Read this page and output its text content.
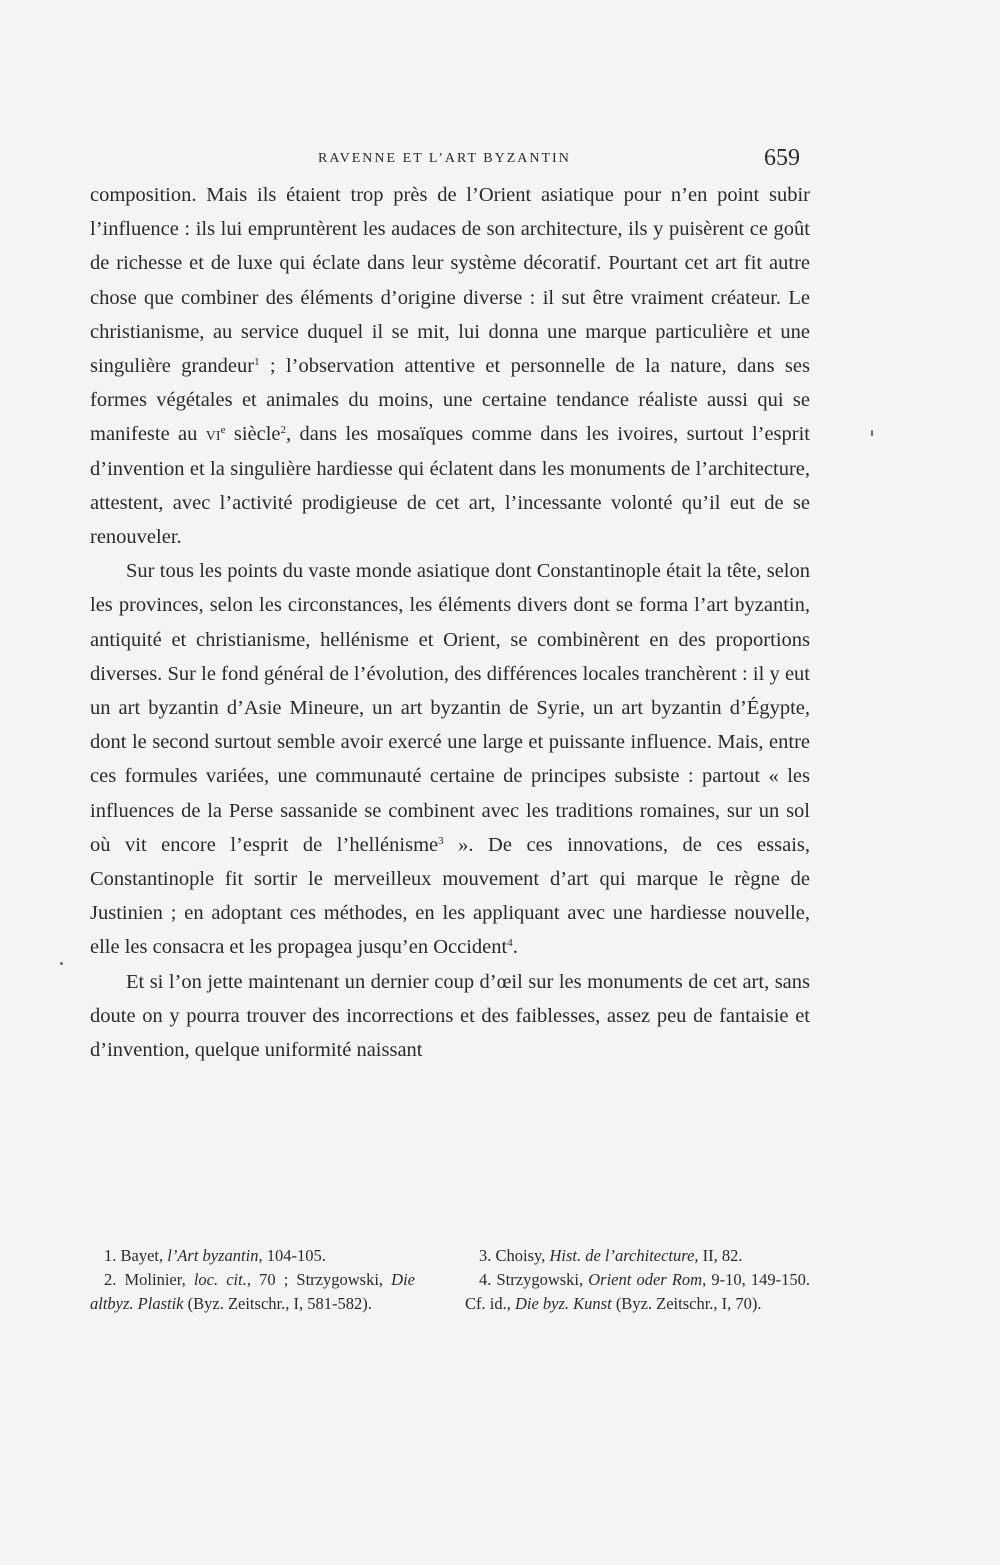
RAVENNE ET L’ART BYZANTIN	659

composition. Mais ils étaient trop près de l’Orient asiatique pour n’en point subir l’influence : ils lui empruntèrent les audaces de son architecture, ils y puisèrent ce goût de richesse et de luxe qui éclate dans leur système décoratif. Pourtant cet art fit autre chose que combiner des éléments d’origine diverse : il sut être vraiment créateur. Le christianisme, au service duquel il se mit, lui donna une marque particulière et une singulière grandeur$^1$ ; l’observation attentive et personnelle de la nature, dans ses formes végétales et animales du moins, une certaine tendance réaliste aussi qui se manifeste au $vi^e$ siècle$^2$, dans les mosaïques comme dans les ivoires, surtout l’esprit d’invention et la singulière hardiesse qui éclatent dans les monuments de l’architecture, attestent, avec l’activité prodigieuse de cet art, l’incessante volonté qu’il eut de se renouveler.

Sur tous les points du vaste monde asiatique dont Constantinople était la tête, selon les provinces, selon les circonstances, les éléments divers dont se forma l’art byzantin, antiquité et christianisme, hellénisme et Orient, se combinèrent en des proportions diverses. Sur le fond général de l’évolution, des différences locales tranchèrent : il y eut un art byzantin d’Asie Mineure, un art byzantin de Syrie, un art byzantin d’Égypte, dont le second surtout semble avoir exercé une large et puissante influence. Mais, entre ces formules variées, une communauté certaine de principes subsiste : partout « les influences de la Perse sassanide se combinent avec les traditions romaines, sur un sol où vit encore l’esprit de l’hellénisme$^3$ ». De ces innovations, de ces essais, Constantinople fit sortir le merveilleux mouvement d’art qui marque le règne de Justinien ; en adoptant ces méthodes, en les appliquant avec une hardiesse nouvelle, elle les consacra et les propagea jusqu’en Occident$^4$.

Et si l’on jette maintenant un dernier coup d’œil sur les monuments de cet art, sans doute on y pourra trouver des incorrections et des faiblesses, assez peu de fantaisie et d’invention, quelque uniformité naissant

1. Bayet, l’Art byzantin, 104-105.

2. Molinier, loc. cit., 70 ; Strzygowski, Die altbyz. Plastik (Byz. Zeitschr., I, 581-582).

3. Choisy, Hist. de l’architecture, II, 82.

4. Strzygowski, Orient oder Rom, 9-10, 149-150. Cf. id., Die byz. Kunst (Byz. Zeitschr., I, 70).
